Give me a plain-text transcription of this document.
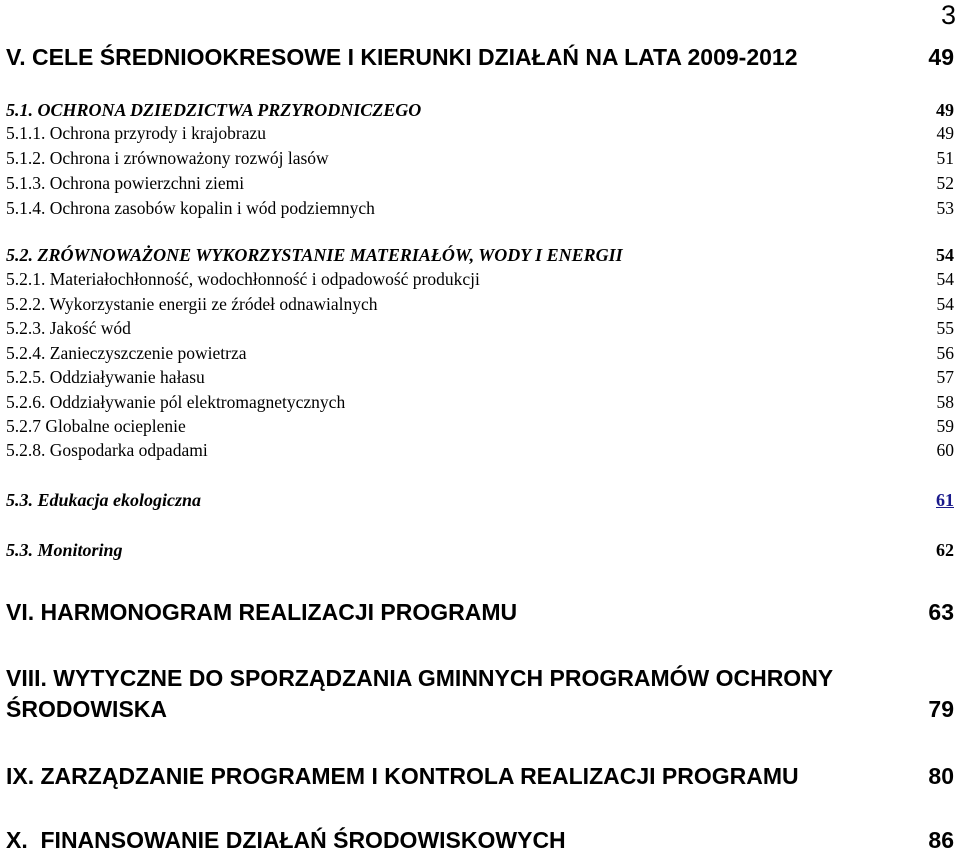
3
V. CELE ŚREDNIOOKRESOWE I KIERUNKI DZIAŁAŃ NA LATA 2009-2012	49
5.1. OCHRONA DZIEDZICTWA PRZYRODNICZEGO	49
5.1.1. Ochrona przyrody i krajobrazu	49
5.1.2. Ochrona i zrównoważony rozwój lasów	51
5.1.3. Ochrona powierzchni ziemi	52
5.1.4. Ochrona zasobów kopalin i wód podziemnych	53
5.2. ZRÓWNOWAŻONE WYKORZYSTANIE MATERIAŁÓW, WODY I ENERGII	54
5.2.1. Materiałochłonność, wodochłonność i odpadowość produkcji	54
5.2.2. Wykorzystanie energii ze źródeł odnawialnych	54
5.2.3. Jakość wód	55
5.2.4. Zanieczyszczenie powietrza	56
5.2.5. Oddziaływanie hałasu	57
5.2.6. Oddziaływanie pól elektromagnetycznych	58
5.2.7 Globalne ocieplenie	59
5.2.8. Gospodarka odpadami	60
5.3. Edukacja ekologiczna	61
5.3. Monitoring	62
VI. HARMONOGRAM REALIZACJI PROGRAMU	63
VIII. WYTYCZNE DO SPORZĄDZANIA GMINNYCH PROGRAMÓW OCHRONY
ŚRODOWISKA	79
IX. ZARZĄDZANIE PROGRAMEM I KONTROLA REALIZACJI PROGRAMU	80
X.  FINANSOWANIE DZIAŁAŃ ŚRODOWISKOWYCH	86
